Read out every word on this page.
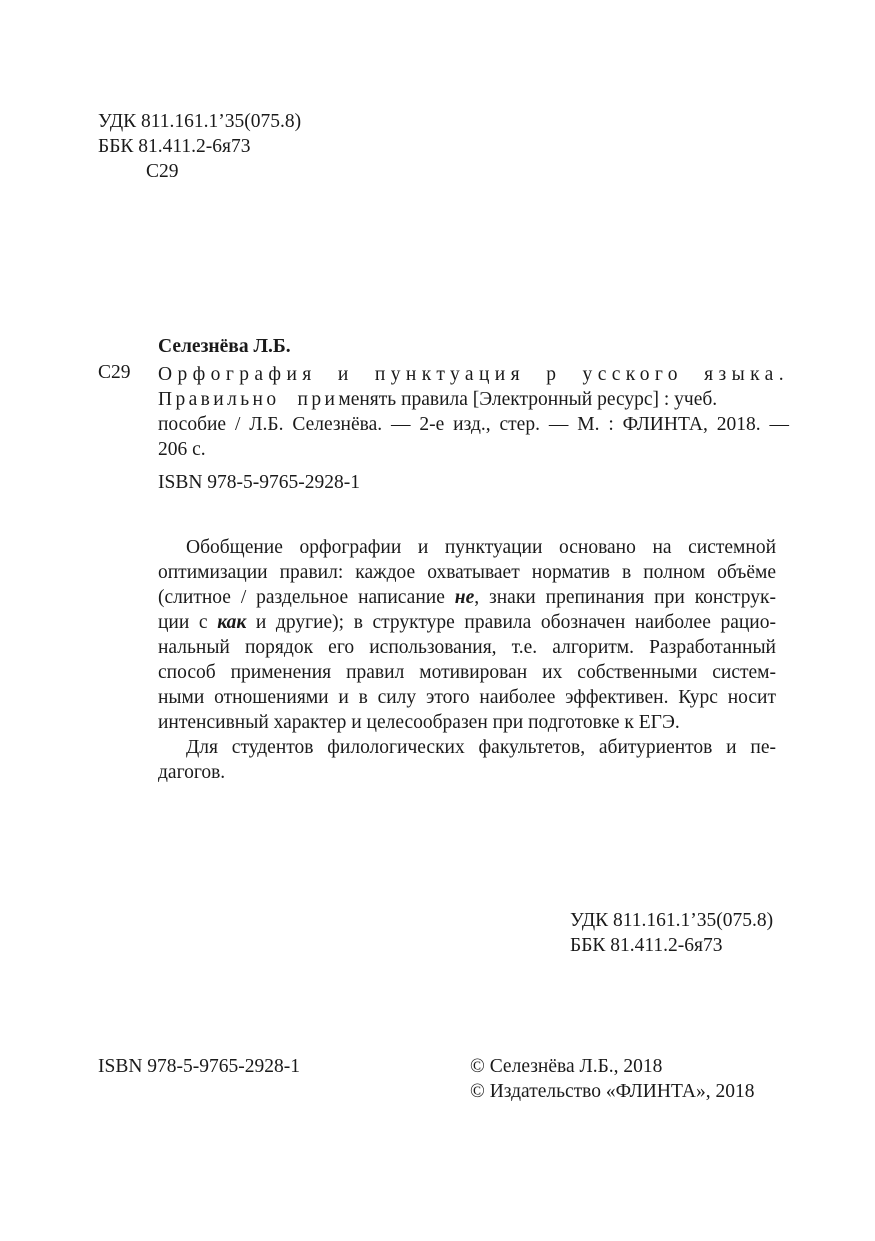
УДК 811.161.1’35(075.8)
ББК 81.411.2-6я73
С29
Селезнёва Л.Б.
С29 Орфография и пунктуация р усского языка.
Правильно применять правила [Электронный ресурс] : учеб.
пособие / Л.Б. Селезнёва. — 2-е изд., стер. — М. : ФЛИНТА, 2018. —
206 с.
ISBN 978-5-9765-2928-1
Обобщение орфографии и пунктуации основано на системной
оптимизации правил: каждое охватывает норматив в полном объёме
(слитное / раздельное написание не, знаки препинания при конструк-
ции с как и другие); в структуре правила обозначен наиболее рацио-
нальный порядок его использования, т.е. алгоритм. Разработанный
способ применения правил мотивирован их собственными систем-
ными отношениями и в силу этого наиболее эффективен. Курс носит
интенсивный характер и целесообразен при подготовке к ЕГЭ.
Для студентов филологических факультетов, абитуриентов и пе-
дагогов.
УДК 811.161.1’35(075.8)
ББК 81.411.2-6я73
ISBN 978-5-9765-2928-1	© Селезнёва Л.Б., 2018
© Издательство «ФЛИНТА», 2018
